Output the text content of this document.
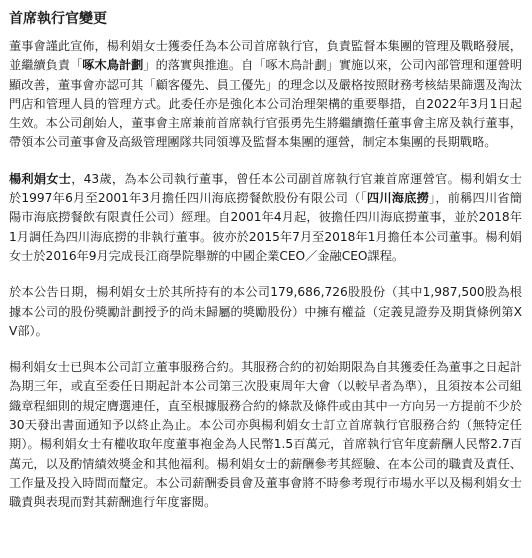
首席執行官變更

董事會謹此宣佈，楊利娟女士獲委任為本公司首席執行官，負責監督本集團的管理及戰略發展，並繼續負責「啄木鳥計劃」的落實與推進。自「啄木鳥計劃」實施以來，公司內部管理和運營明顯改善，董事會亦認可其「顧客優先、員工優先」的理念以及嚴格按照財務考核結果篩選及淘汰門店和管理人員的管理方式。此委任亦是強化本公司治理架構的重要舉措，自2022年3月1日起生效。本公司創始人，董事會主席兼前首席執行官張勇先生將繼續擔任董事會主席及執行董事，帶領本公司董事會及高級管理團隊共同領導及監督本集團的運營，制定本集團的長期戰略。

楊利娟女士，43歲，為本公司執行董事，曾任本公司副首席執行官兼首席運營官。楊利娟女士於1997年6月至2001年3月擔任四川海底撈餐飲股份有限公司（「四川海底撈」，前稱四川省簡陽市海底撈餐飲有限責任公司）經理。自2001年4月起，彼擔任四川海底撈董事，並於2018年1月調任為四川海底撈的非執行董事。彼亦於2015年7月至2018年1月擔任本公司董事。楊利娟女士於2016年9月完成長江商學院舉辦的中國企業CEO／金融CEO課程。

於本公告日期，楊利娟女士於其所持有的本公司179,686,726股股份（其中1,987,500股為根據本公司的股份獎勵計劃授予的尚未歸屬的獎勵股份）中擁有權益（定義見證券及期貨條例第XV部）。

楊利娟女士已與本公司訂立董事服務合約。其服務合約的初始期限為自其獲委任為董事之日起計為期三年，或直至委任日期起計本公司第三次股東周年大會（以較早者為準），且須按本公司組織章程細則的規定膺選連任，直至根據服務合約的條款及條件或由其中一方向另一方提前不少於30天發出書面通知予以終止為止。本公司亦與楊利娟女士訂立首席執行官服務合約（無特定任期）。楊利娟女士有權收取年度董事袍金為人民幣1.5百萬元，首席執行官年度薪酬人民幣2.7百萬元，以及酌情績效獎金和其他福利。楊利娟女士的薪酬參考其經驗、在本公司的職責及責任、工作量及投入時間而釐定。本公司薪酬委員會及董事會將不時參考現行市場水平以及楊利娟女士職責與表現而對其薪酬進行年度審閱。
